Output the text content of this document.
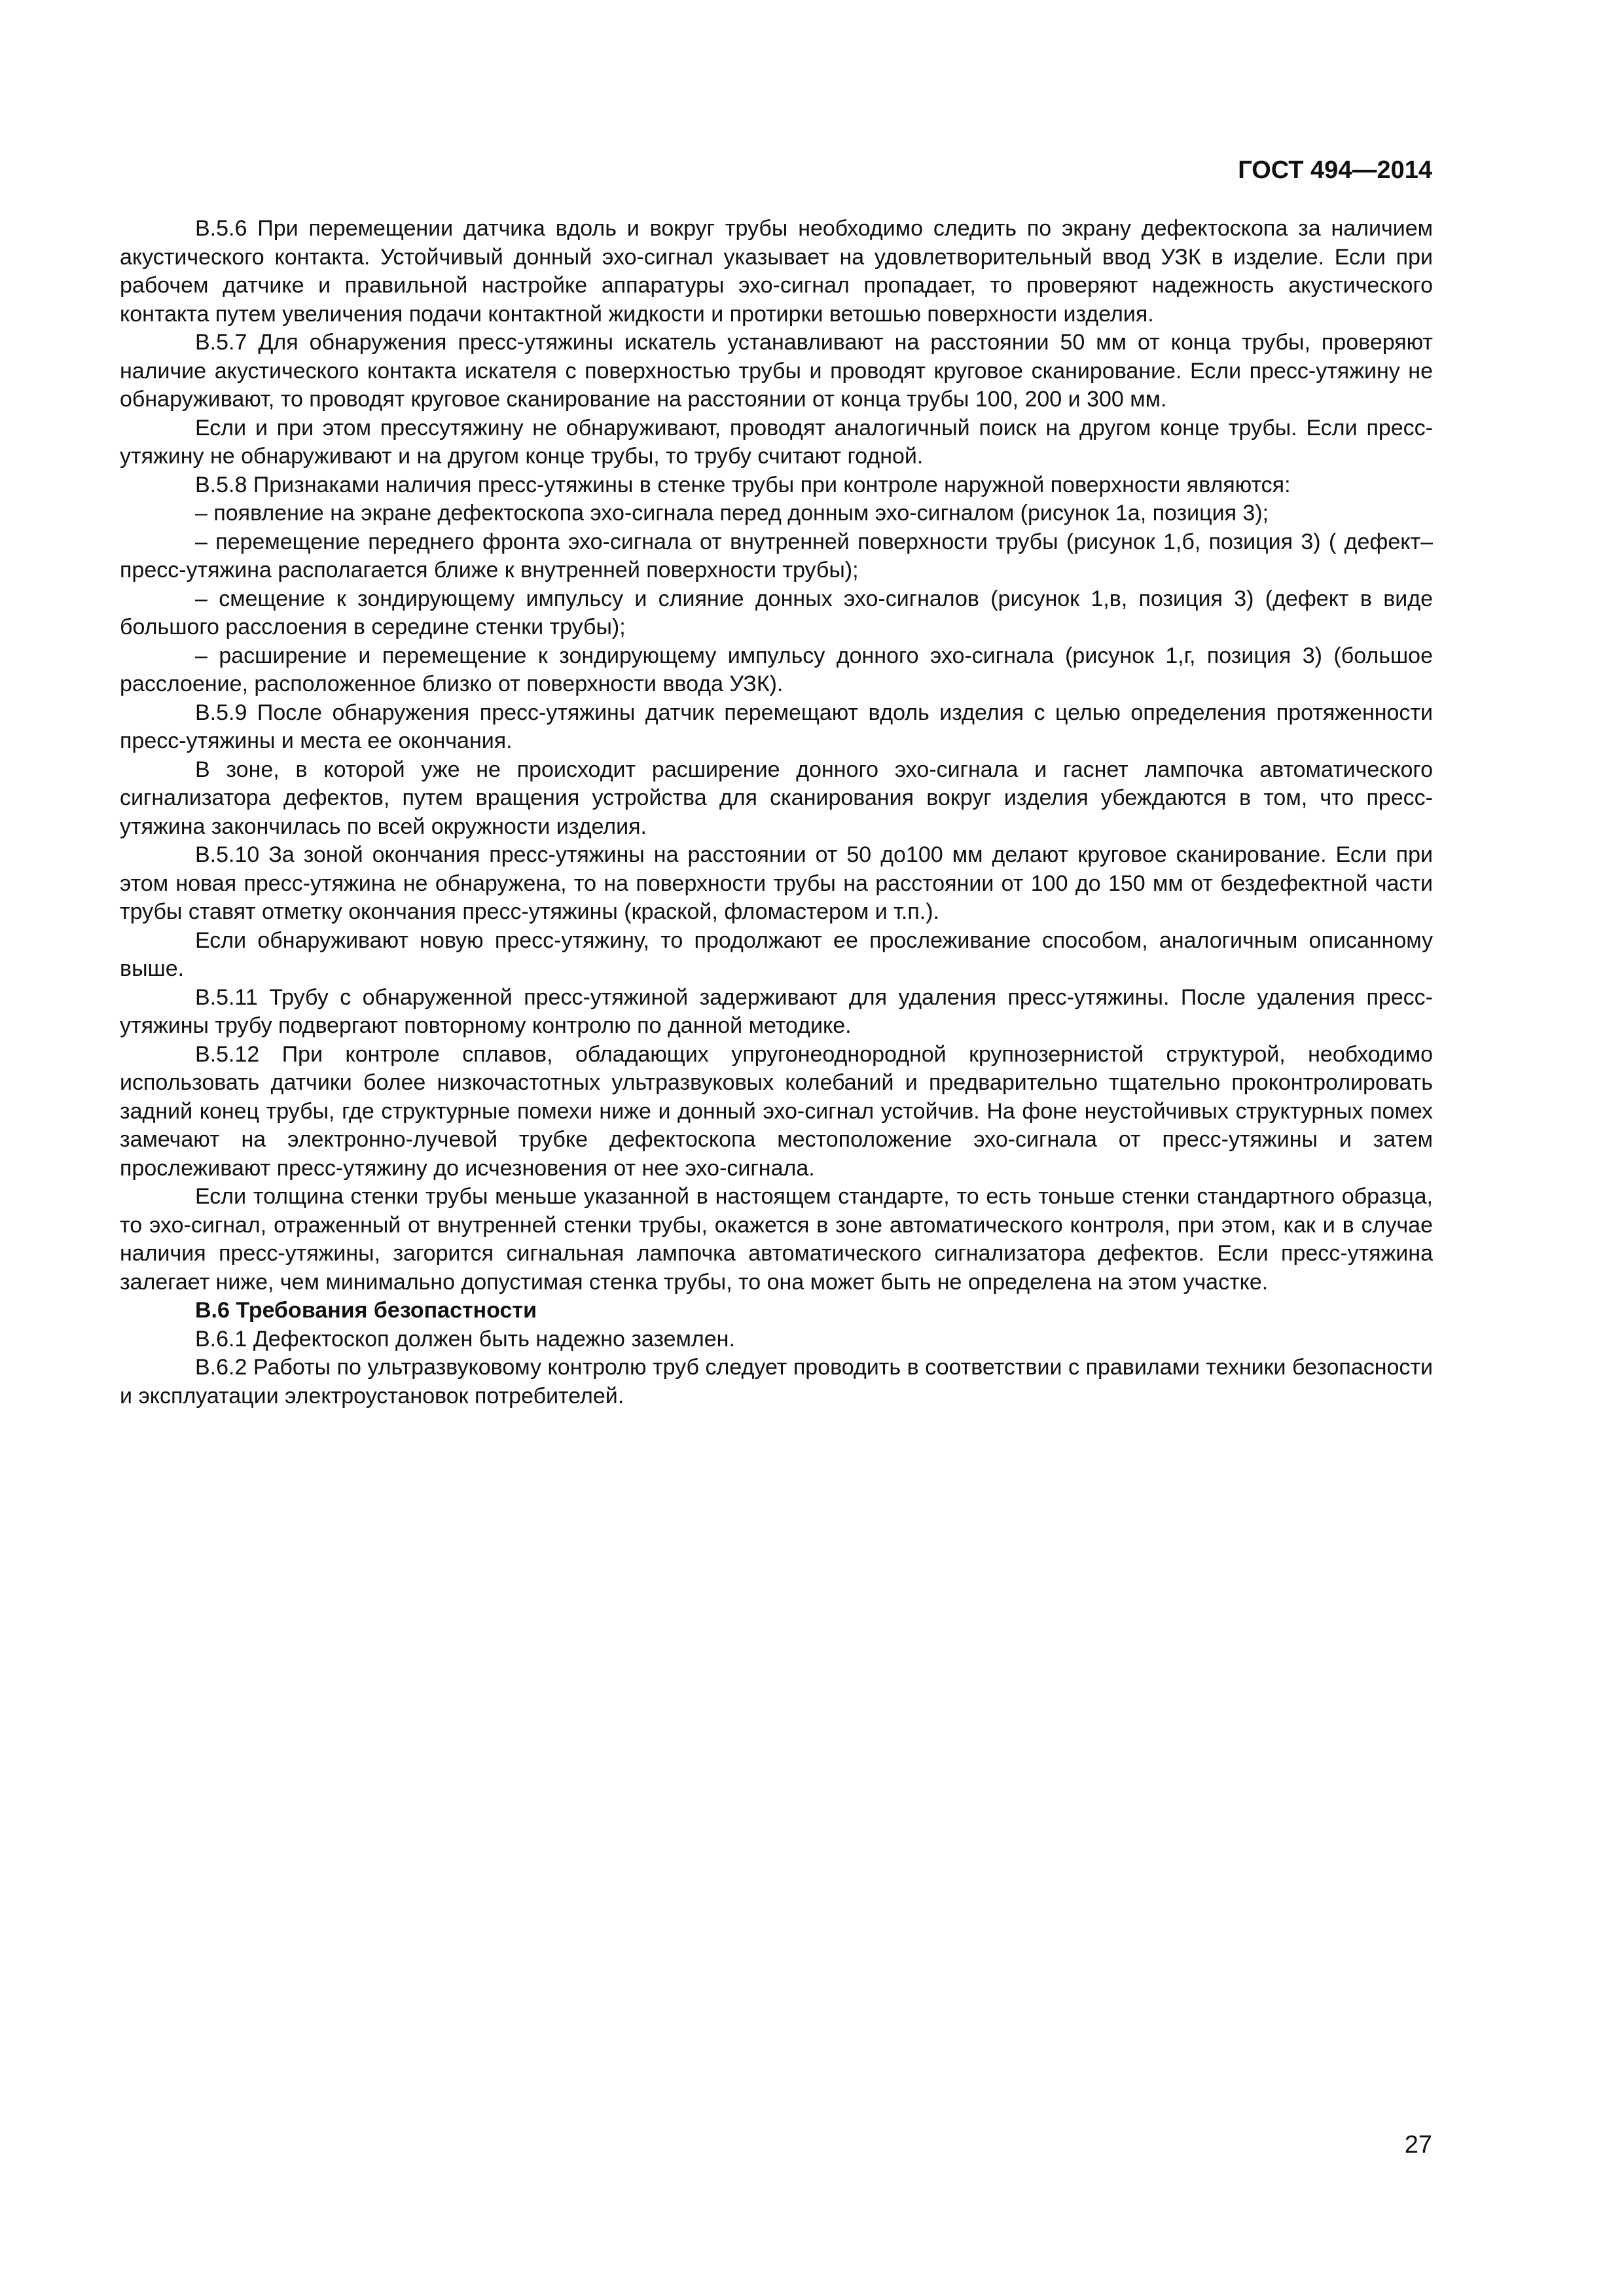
ГОСТ 494—2014

В.5.6 При перемещении датчика вдоль и вокруг трубы необходимо следить по экрану дефектоскопа за наличием акустического контакта. Устойчивый донный эхо-сигнал указывает на удовлетворительный ввод УЗК в изделие. Если при рабочем датчике и правильной настройке аппаратуры эхо-сигнал пропадает, то проверяют надежность акустического контакта путем увеличения подачи контактной жидкости и протирки ветошью поверхности изделия.

В.5.7 Для обнаружения пресс-утяжины искатель устанавливают на расстоянии 50 мм от конца трубы, проверяют наличие акустического контакта искателя с поверхностью трубы и проводят круговое сканирование. Если пресс-утяжину не обнаруживают, то проводят круговое сканирование на расстоянии от конца трубы 100, 200 и 300 мм.

Если и при этом прессутяжину не обнаруживают, проводят аналогичный поиск на другом конце трубы. Если пресс-утяжину не обнаруживают и на другом конце трубы, то трубу считают годной.

В.5.8 Признаками наличия пресс-утяжины в стенке трубы при контроле наружной поверхности являются:

– появление на экране дефектоскопа эхо-сигнала перед донным эхо-сигналом (рисунок 1а, позиция 3);

– перемещение переднего фронта эхо-сигнала от внутренней поверхности трубы (рисунок 1,б, позиция 3) ( дефект–пресс-утяжина располагается ближе к внутренней поверхности трубы);

– смещение к зондирующему импульсу и слияние донных эхо-сигналов (рисунок 1,в, позиция 3) (дефект в виде большого расслоения в середине стенки трубы);

– расширение и перемещение к зондирующему импульсу донного эхо-сигнала (рисунок 1,г, позиция 3) (большое расслоение, расположенное близко от поверхности ввода УЗК).

В.5.9 После обнаружения пресс-утяжины датчик перемещают вдоль изделия с целью определения протяженности пресс-утяжины и места ее окончания.

В зоне, в которой уже не происходит расширение донного эхо-сигнала и гаснет лампочка автоматического сигнализатора дефектов, путем вращения устройства для сканирования вокруг изделия убеждаются в том, что пресс-утяжина закончилась по всей окружности изделия.

В.5.10 За зоной окончания пресс-утяжины на расстоянии от 50 до100 мм делают круговое сканирование. Если при этом новая пресс-утяжина не обнаружена, то на поверхности трубы на расстоянии от 100 до 150 мм от бездефектной части трубы ставят отметку окончания пресс-утяжины (краской, фломастером и т.п.).

Если обнаруживают новую пресс-утяжину, то продолжают ее прослеживание способом, аналогичным описанному выше.

В.5.11 Трубу с обнаруженной пресс-утяжиной задерживают для удаления пресс-утяжины. После удаления пресс-утяжины трубу подвергают повторному контролю по данной методике.

В.5.12 При контроле сплавов, обладающих упругонеоднородной крупнозернистой структурой, необходимо использовать датчики более низкочастотных ультразвуковых колебаний и предварительно тщательно проконтролировать задний конец трубы, где структурные помехи ниже и донный эхо-сигнал устойчив. На фоне неустойчивых структурных помех замечают на электронно-лучевой трубке дефектоскопа местоположение эхо-сигнала от пресс-утяжины и затем прослеживают пресс-утяжину до исчезновения от нее эхо-сигнала.

Если толщина стенки трубы меньше указанной в настоящем стандарте, то есть тоньше стенки стандартного образца, то эхо-сигнал, отраженный от внутренней стенки трубы, окажется в зоне автоматического контроля, при этом, как и в случае наличия пресс-утяжины, загорится сигнальная лампочка автоматического сигнализатора дефектов. Если пресс-утяжина залегает ниже, чем минимально допустимая стенка трубы, то она может быть не определена на этом участке.

В.6 Требования безопастности

В.6.1 Дефектоскоп должен быть надежно заземлен.

В.6.2 Работы по ультразвуковому контролю труб следует проводить в соответствии с правилами техники безопасности и эксплуатации электроустановок потребителей.

27
